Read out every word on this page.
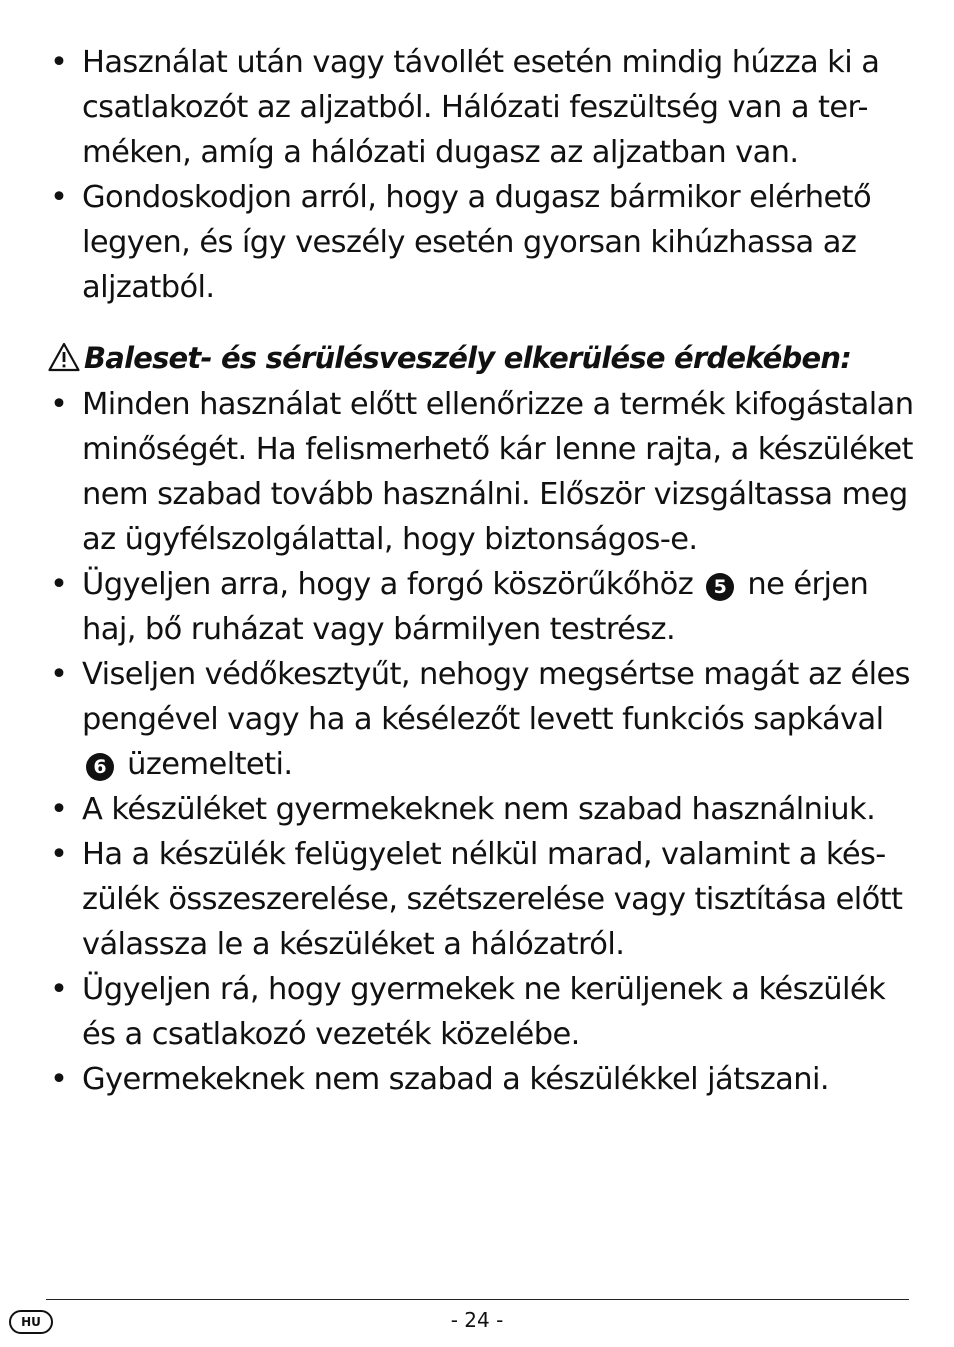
• Használat után vagy távollét esetén mindig húzza ki a csatlakozót az aljzatból. Hálózati feszültség van a ter-méken, amíg a hálózati dugasz az aljzatban van.
• Gondoskodjon arról, hogy a dugasz bármikor elérhető legyen, és így veszély esetén gyorsan kihúzhassa az aljzatból.
Baleset- és sérülésveszély elkerülése érdekében:
• Minden használat előtt ellenőrizze a termék kifogástalan minőségét. Ha felismerhető kár lenne rajta, a készüléket nem szabad tovább használni. Először vizsgáltassa meg az ügyfélszolgálattal, hogy biztonságos-e.
• Ügyeljen arra, hogy a forgó köszörűkőhöz 5 ne érjen haj, bő ruházat vagy bármilyen testrész.
• Viseljen védőkesztyűt, nehogy megsértse magát az éles pengével vagy ha a késélezőt levett funkciós sapkával 6 üzemelteti.
• A készüléket gyermekeknek nem szabad használniuk.
• Ha a készülék felügyelet nélkül marad, valamint a kés-zülék összeszerelése, szétszerelése vagy tisztítása előtt válassza le a készüléket a hálózatról.
• Ügyeljen rá, hogy gyermekek ne kerüljenek a készülék és a csatlakozó vezeték közelébe.
• Gyermekeknek nem szabad a készülékkel játszani.
HU	- 24 -
